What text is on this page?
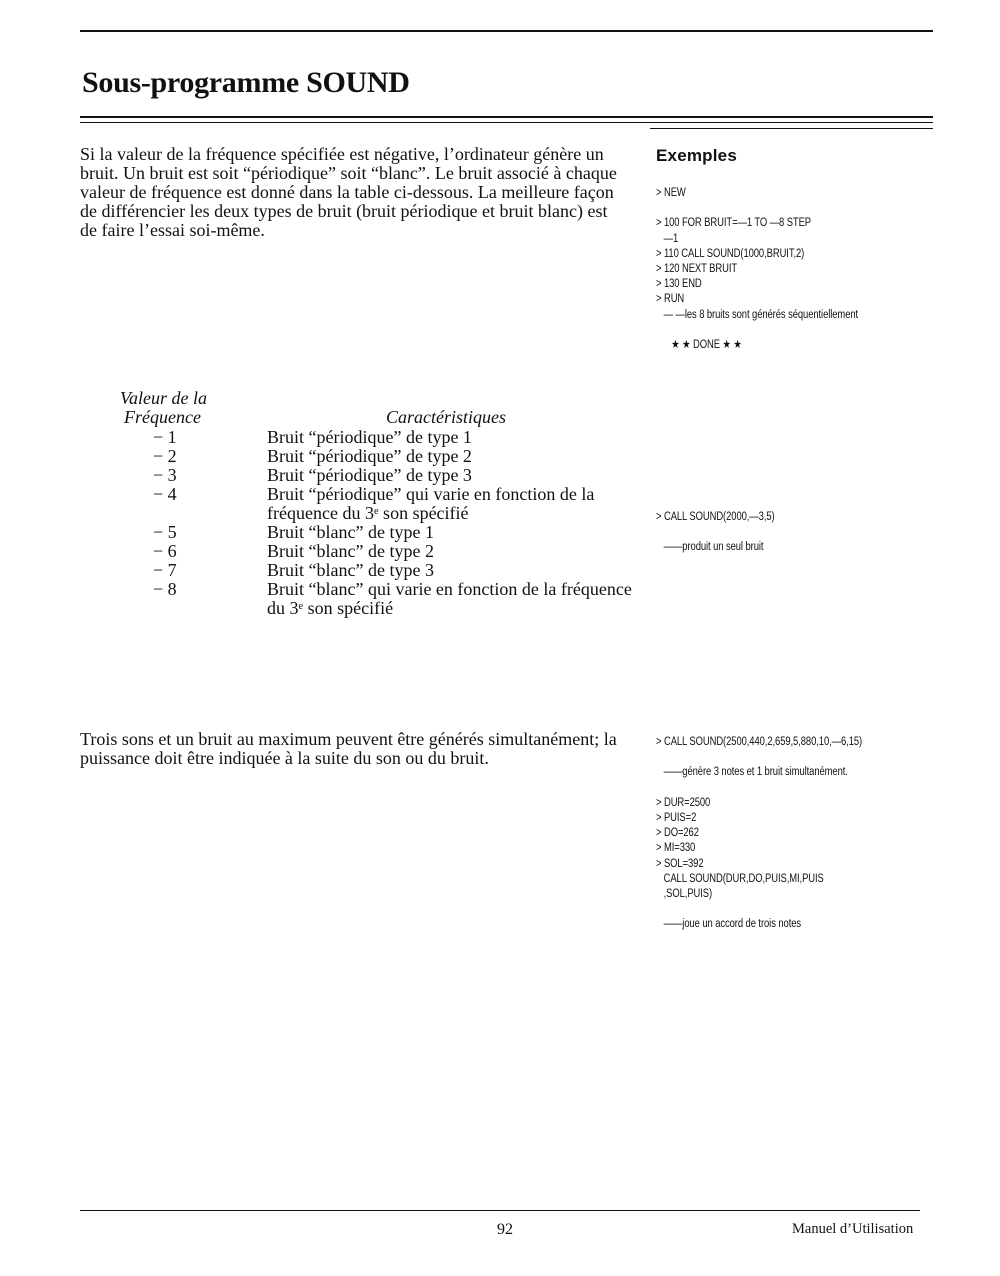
Sous-programme SOUND

Si la valeur de la fréquence spécifiée est négative, l’ordinateur génère un bruit. Un bruit est soit “périodique” soit “blanc”. Le bruit associé à chaque valeur de fréquence est donné dans la table ci-dessous. La meilleure façon de différencier les deux types de bruit (bruit périodique et bruit blanc) est de faire l’essai soi-même.

Exemples
> NEW

> 100 FOR BRUIT=—1 TO —8 STEP
—1
> 110 CALL SOUND(1000,BRUIT,2)
> 120 NEXT BRUIT
> 130 END
> RUN
— —les 8 bruits sont générés séquentiellement

★ ★ DONE ★ ★
Valeur de la
Fréquence	Caractéristiques
− 1	Bruit “périodique” de type 1
− 2	Bruit “périodique” de type 2
− 3	Bruit “périodique” de type 3
− 4	Bruit “périodique” qui varie en fonction de la fréquence du 3ᵉ son spécifié
− 5	Bruit “blanc” de type 1
− 6	Bruit “blanc” de type 2
− 7	Bruit “blanc” de type 3
− 8	Bruit “blanc” qui varie en fonction de la fréquence du 3ᵉ son spécifié
> CALL SOUND(2000,—3,5)

——produit un seul bruit

Trois sons et un bruit au maximum peuvent être générés simultanément; la puissance doit être indiquée à la suite du son ou du bruit.

> CALL SOUND(2500,440,2,659,5,880,10,—6,15)

——génère 3 notes et 1 bruit simultanément.

> DUR=2500
> PUIS=2
> DO=262
> MI=330
> SOL=392
CALL SOUND(DUR,DO,PUIS,MI,PUIS
,SOL,PUIS)

——joue un accord de trois notes
92	Manuel d’Utilisation
